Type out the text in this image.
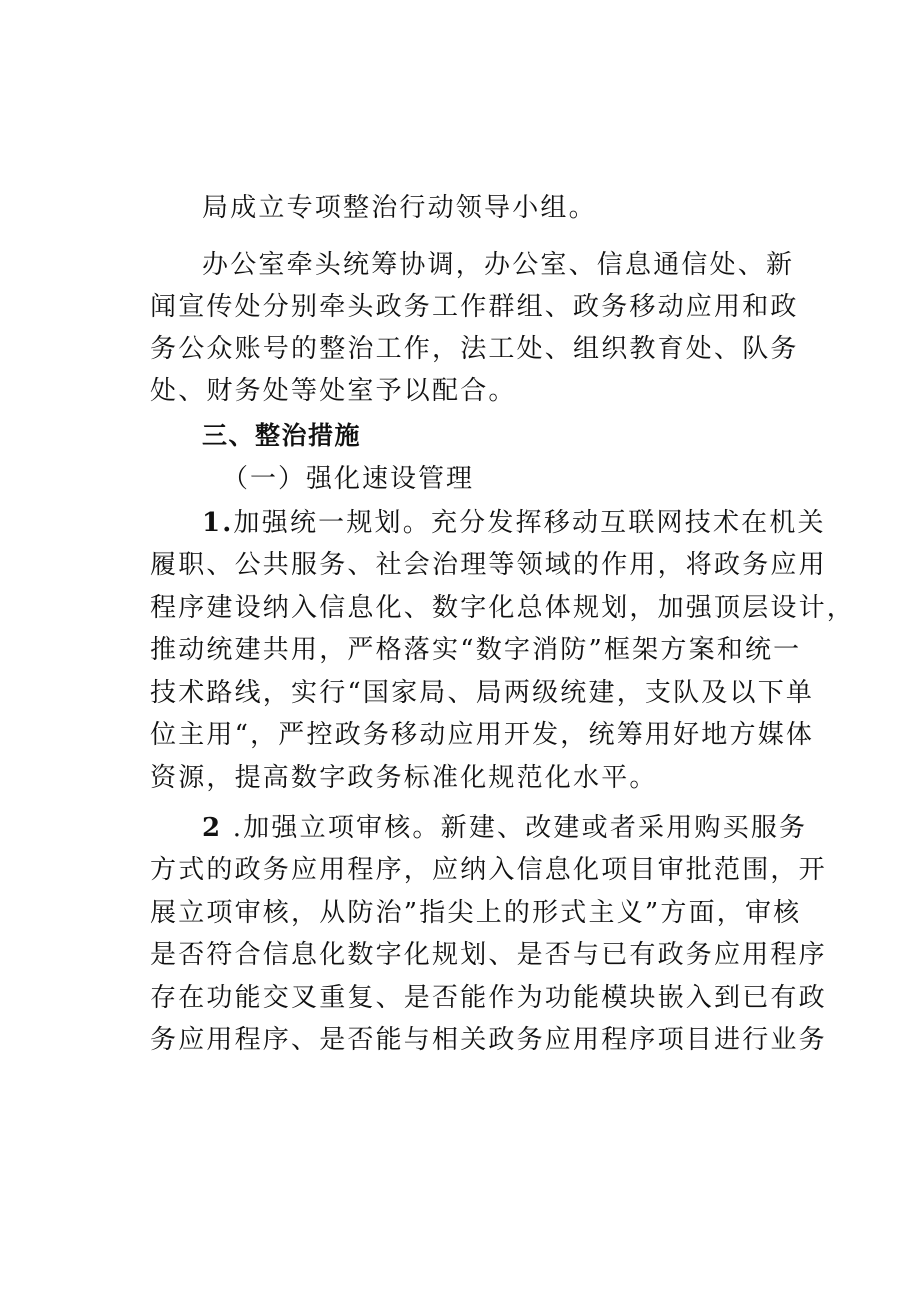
局成立专项整治行动领导小组。
办公室牵头统筹协调，办公室、信息通信处、新
闻宣传处分别牵头政务工作群组、政务移动应用和政
务公众账号的整治工作，法工处、组织教育处、队务
处、财务处等处室予以配合。
三、整治措施
（一）强化速设管理
1.加强统一规划。充分发挥移动互联网技术在机关
履职、公共服务、社会治理等领域的作用，将政务应用
程序建设纳入信息化、数字化总体规划，加强顶层设计，
推动统建共用，严格落实“数字消防”框架方案和统一
技术路线，实行“国家局、局两级统建，支队及以下单
位主用“，严控政务移动应用开发，统筹用好地方媒体
资源，提高数字政务标准化规范化水平。
2 .加强立项审核。新建、改建或者采用购买服务
方式的政务应用程序，应纳入信息化项目审批范围，开
展立项审核，从防治”指尖上的形式主义”方面，审核
是否符合信息化数字化规划、是否与已有政务应用程序
存在功能交叉重复、是否能作为功能模块嵌入到已有政
务应用程序、是否能与相关政务应用程序项目进行业务
